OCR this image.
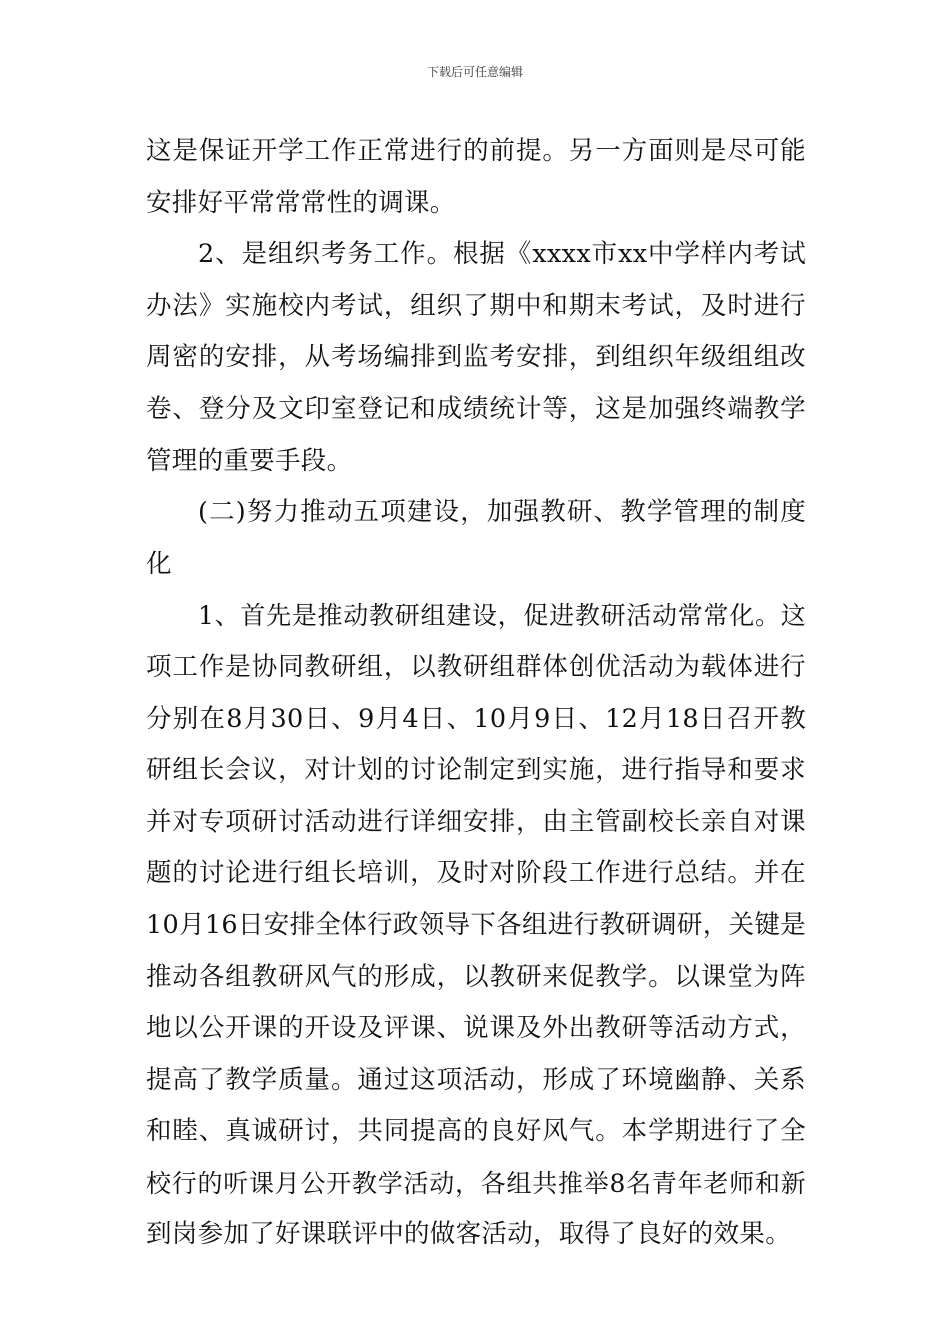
下载后可任意编辑
这是保证开学工作正常进行的前提。另一方面则是尽可能
安排好平常常常性的调课。
2、是组织考务工作。根据《xxxx市xx中学样内考试
办法》实施校内考试，组织了期中和期末考试，及时进行
周密的安排，从考场编排到监考安排，到组织年级组组改
卷、登分及文印室登记和成绩统计等，这是加强终端教学
管理的重要手段。
(二)努力推动五项建设，加强教研、教学管理的制度
化
1、首先是推动教研组建设，促进教研活动常常化。这
项工作是协同教研组，以教研组群体创优活动为载体进行
分别在8月30日、9月4日、10月9日、12月18日召开教
研组长会议，对计划的讨论制定到实施，进行指导和要求
并对专项研讨活动进行详细安排，由主管副校长亲自对课
题的讨论进行组长培训，及时对阶段工作进行总结。并在
10月16日安排全体行政领导下各组进行教研调研，关键是
推动各组教研风气的形成，以教研来促教学。以课堂为阵
地以公开课的开设及评课、说课及外出教研等活动方式，
提高了教学质量。通过这项活动，形成了环境幽静、关系
和睦、真诚研讨，共同提高的良好风气。本学期进行了全
校行的听课月公开教学活动，各组共推举8名青年老师和新
到岗参加了好课联评中的做客活动，取得了良好的效果。
